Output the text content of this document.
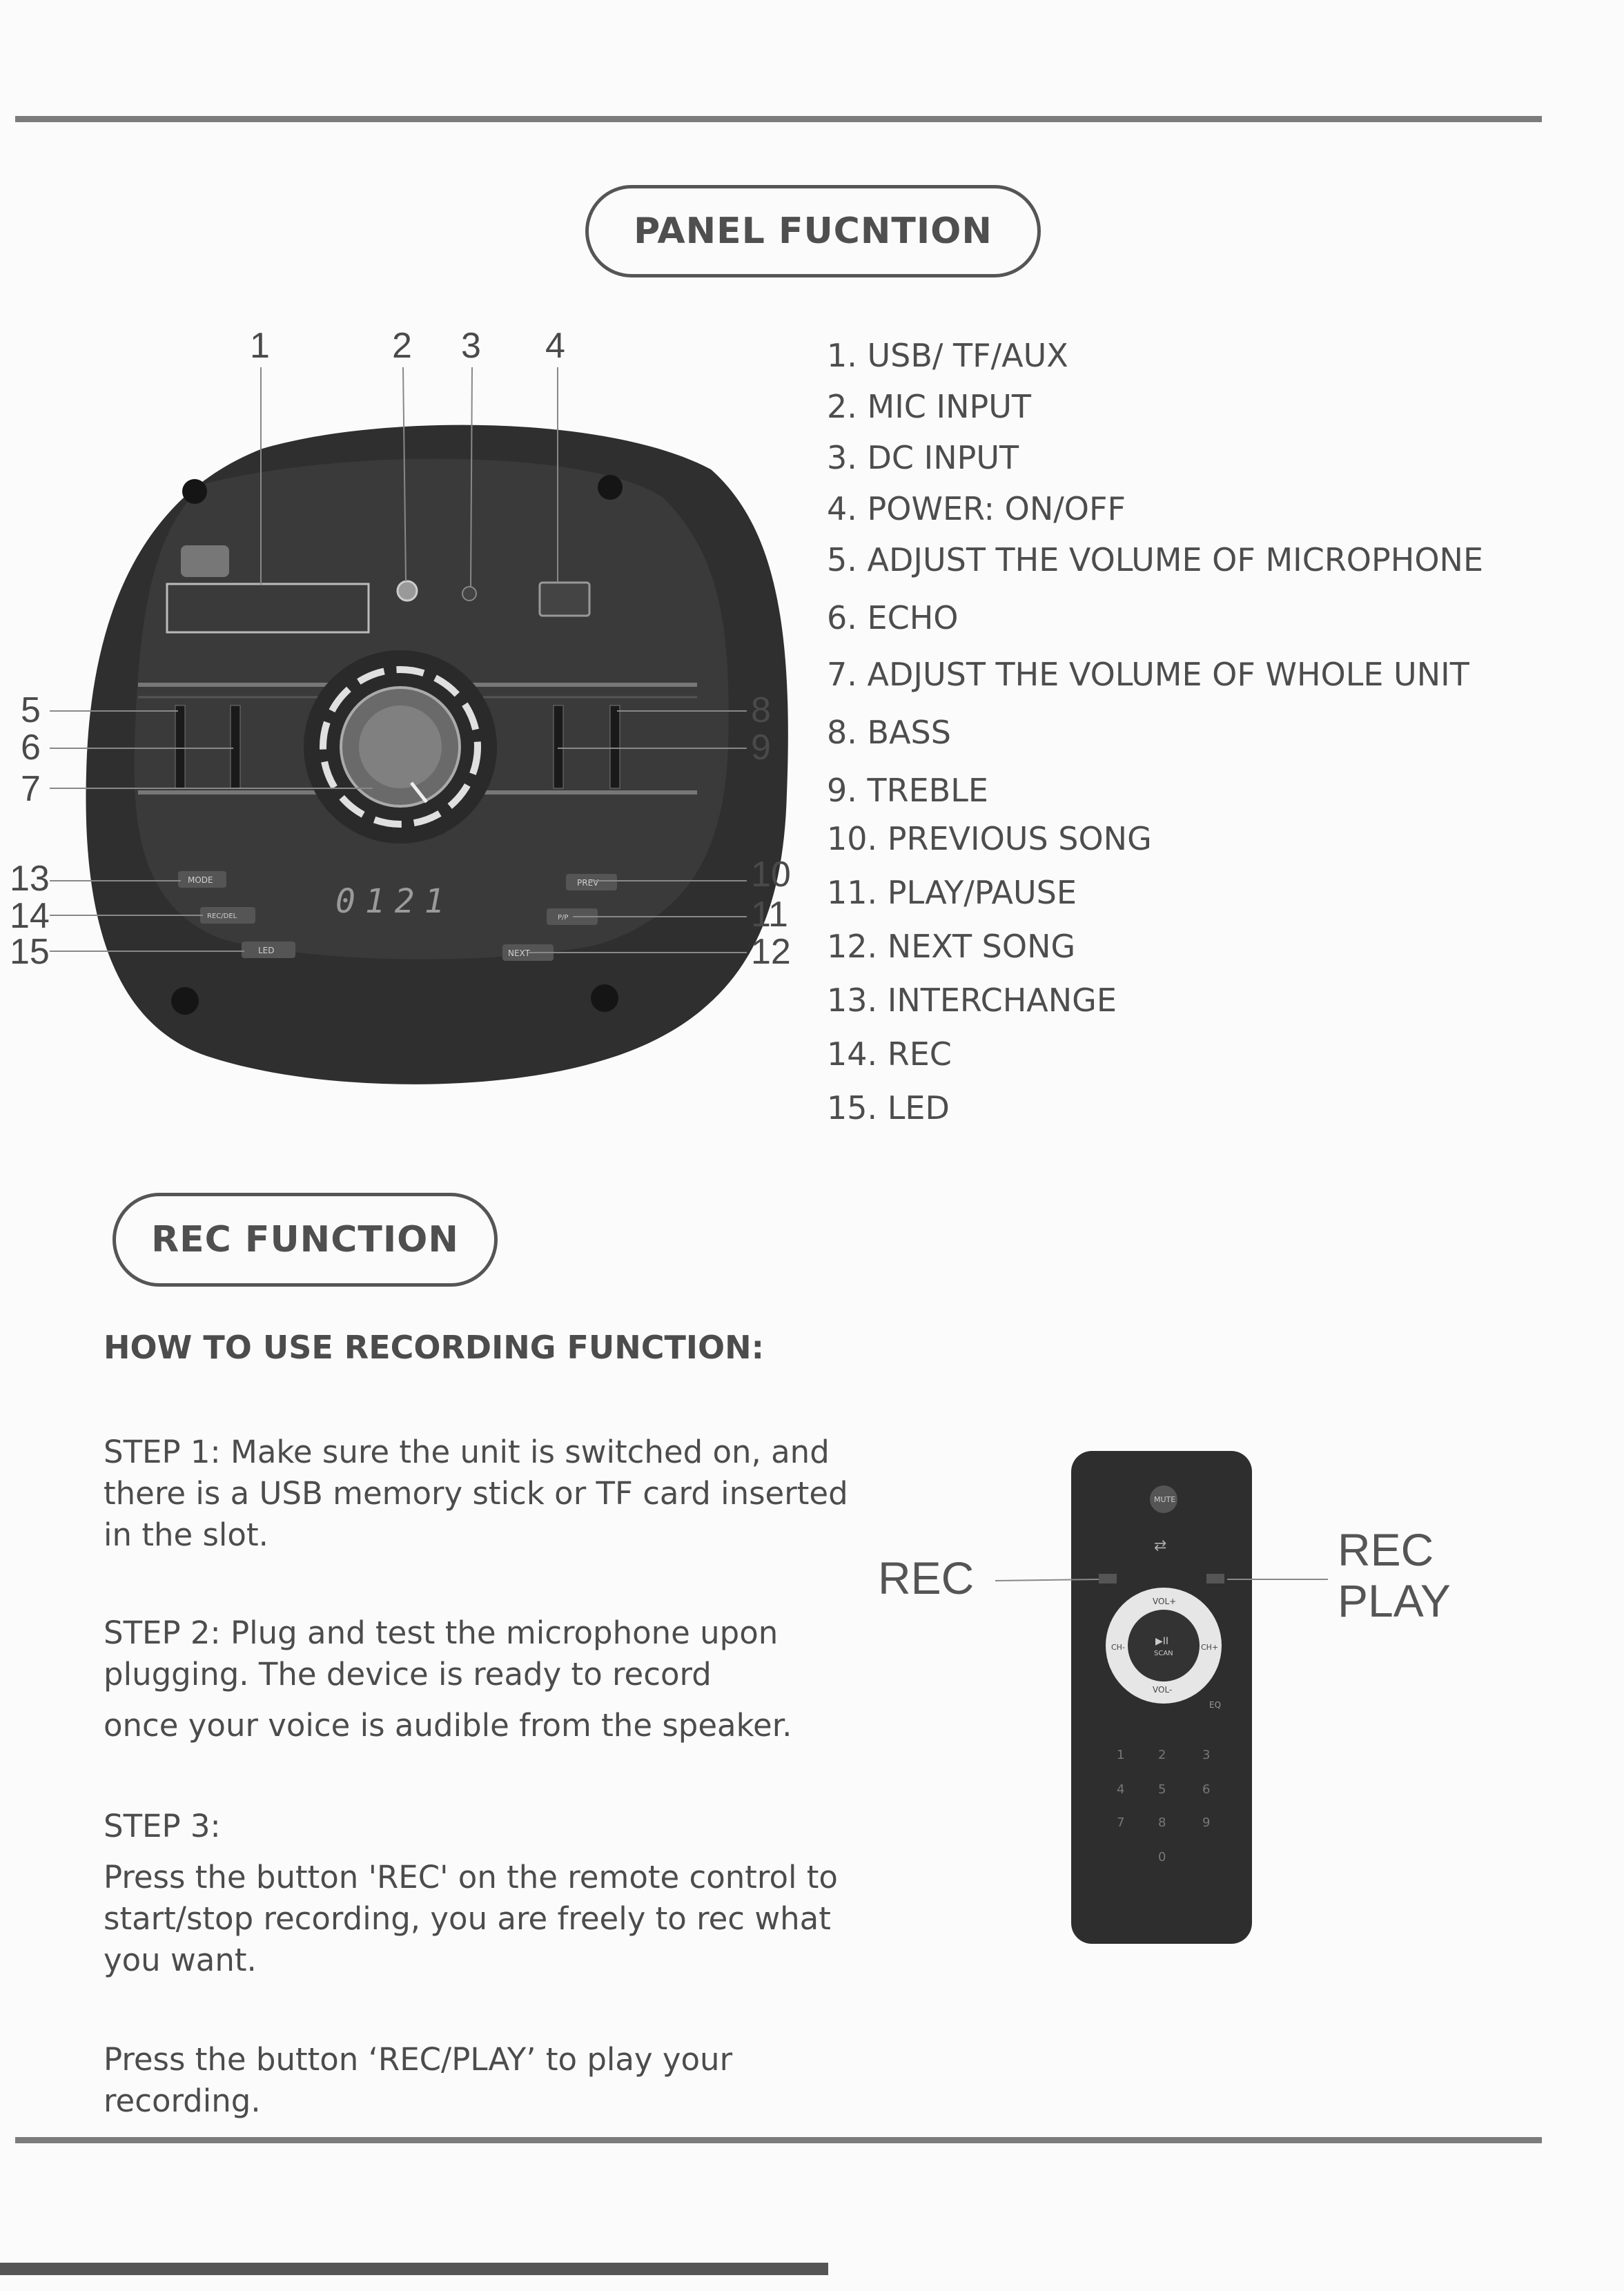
PANEL FUCNTION
MODE
REC/DEL
LED
PREV
P/P
NEXT
0121
1	2 3 4
5
6
7
8
9
10
11
12
13
14
15
MUTE
⇄
VOL+
VOL-
CH-	CH+
▶II
SCAN
EQ
1	2	3
4	5	6
7	8	9
0
1. USB/ TF/AUX
2. MIC INPUT
3. DC INPUT
4. POWER: ON/OFF
5. ADJUST THE VOLUME OF MICROPHONE
6. ECHO
7. ADJUST THE VOLUME OF WHOLE UNIT
8. BASS
9. TREBLE
10. PREVIOUS SONG
11. PLAY/PAUSE
12. NEXT SONG
13. INTERCHANGE
14. REC
15. LED
REC FUNCTION
HOW TO USE RECORDING FUNCTION:
STEP 1: Make sure the unit is switched on, and there is a USB memory stick or TF card inserted in the slot.
STEP 2: Plug and test the microphone upon plugging. The device is ready to record
once your voice is audible from the speaker.
STEP 3:
Press the button 'REC' on the remote control to start/stop recording, you are freely to rec what you want.
Press the button ‘REC/PLAY’ to play your recording.
REC
REC
PLAY
